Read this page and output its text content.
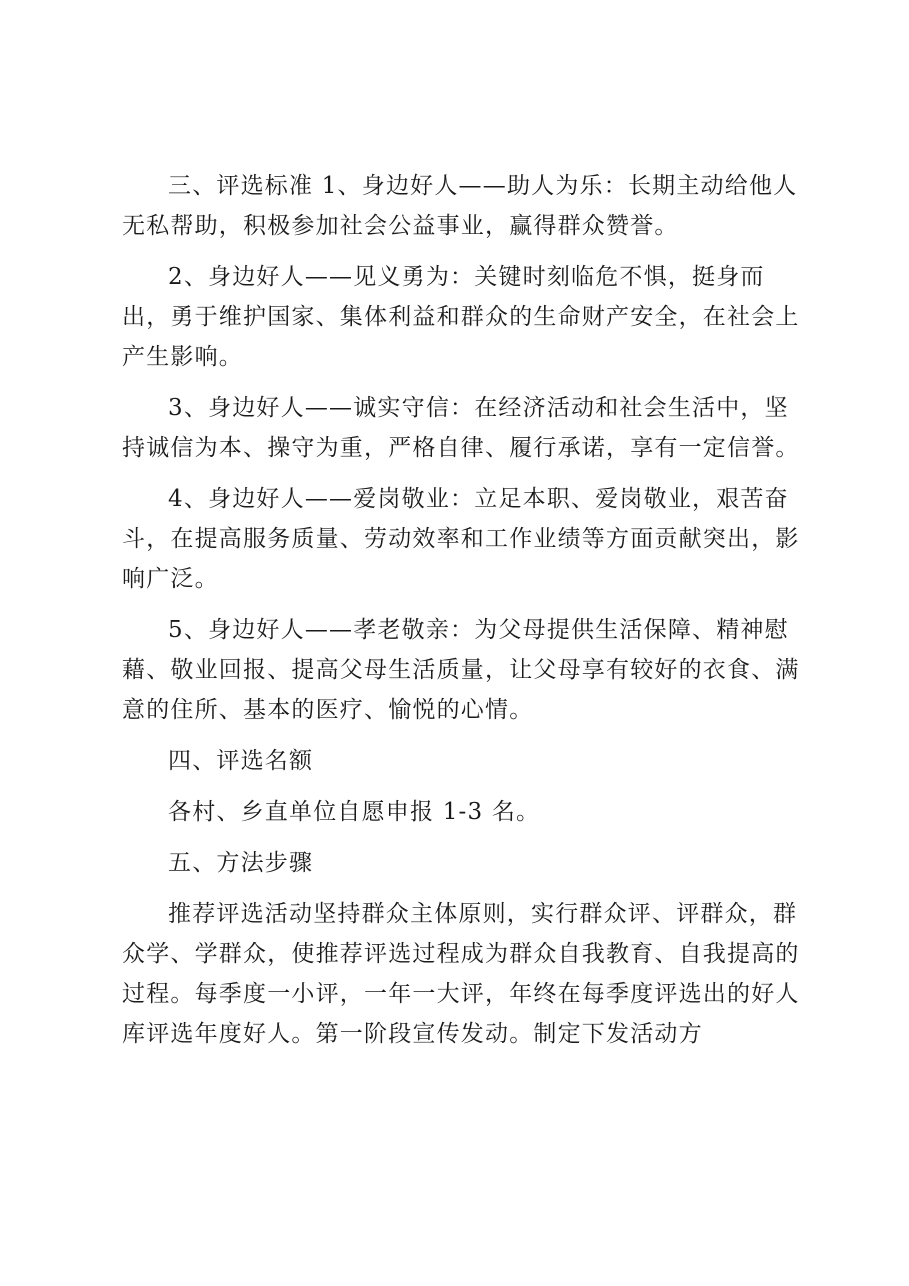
三、评选标准 1、身边好人——助人为乐：长期主动给他人无私帮助，积极参加社会公益事业，赢得群众赞誉。

2、身边好人——见义勇为：关键时刻临危不惧，挺身而出，勇于维护国家、集体利益和群众的生命财产安全，在社会上产生影响。

3、身边好人——诚实守信：在经济活动和社会生活中，坚持诚信为本、操守为重，严格自律、履行承诺，享有一定信誉。

4、身边好人——爱岗敬业：立足本职、爱岗敬业，艰苦奋斗，在提高服务质量、劳动效率和工作业绩等方面贡献突出，影响广泛。

5、身边好人——孝老敬亲：为父母提供生活保障、精神慰藉、敬业回报、提高父母生活质量，让父母享有较好的衣食、满意的住所、基本的医疗、愉悦的心情。

四、评选名额

各村、乡直单位自愿申报 1-3 名。

五、方法步骤

推荐评选活动坚持群众主体原则，实行群众评、评群众，群众学、学群众，使推荐评选过程成为群众自我教育、自我提高的过程。每季度一小评，一年一大评，年终在每季度评选出的好人库评选年度好人。第一阶段宣传发动。制定下发活动方
